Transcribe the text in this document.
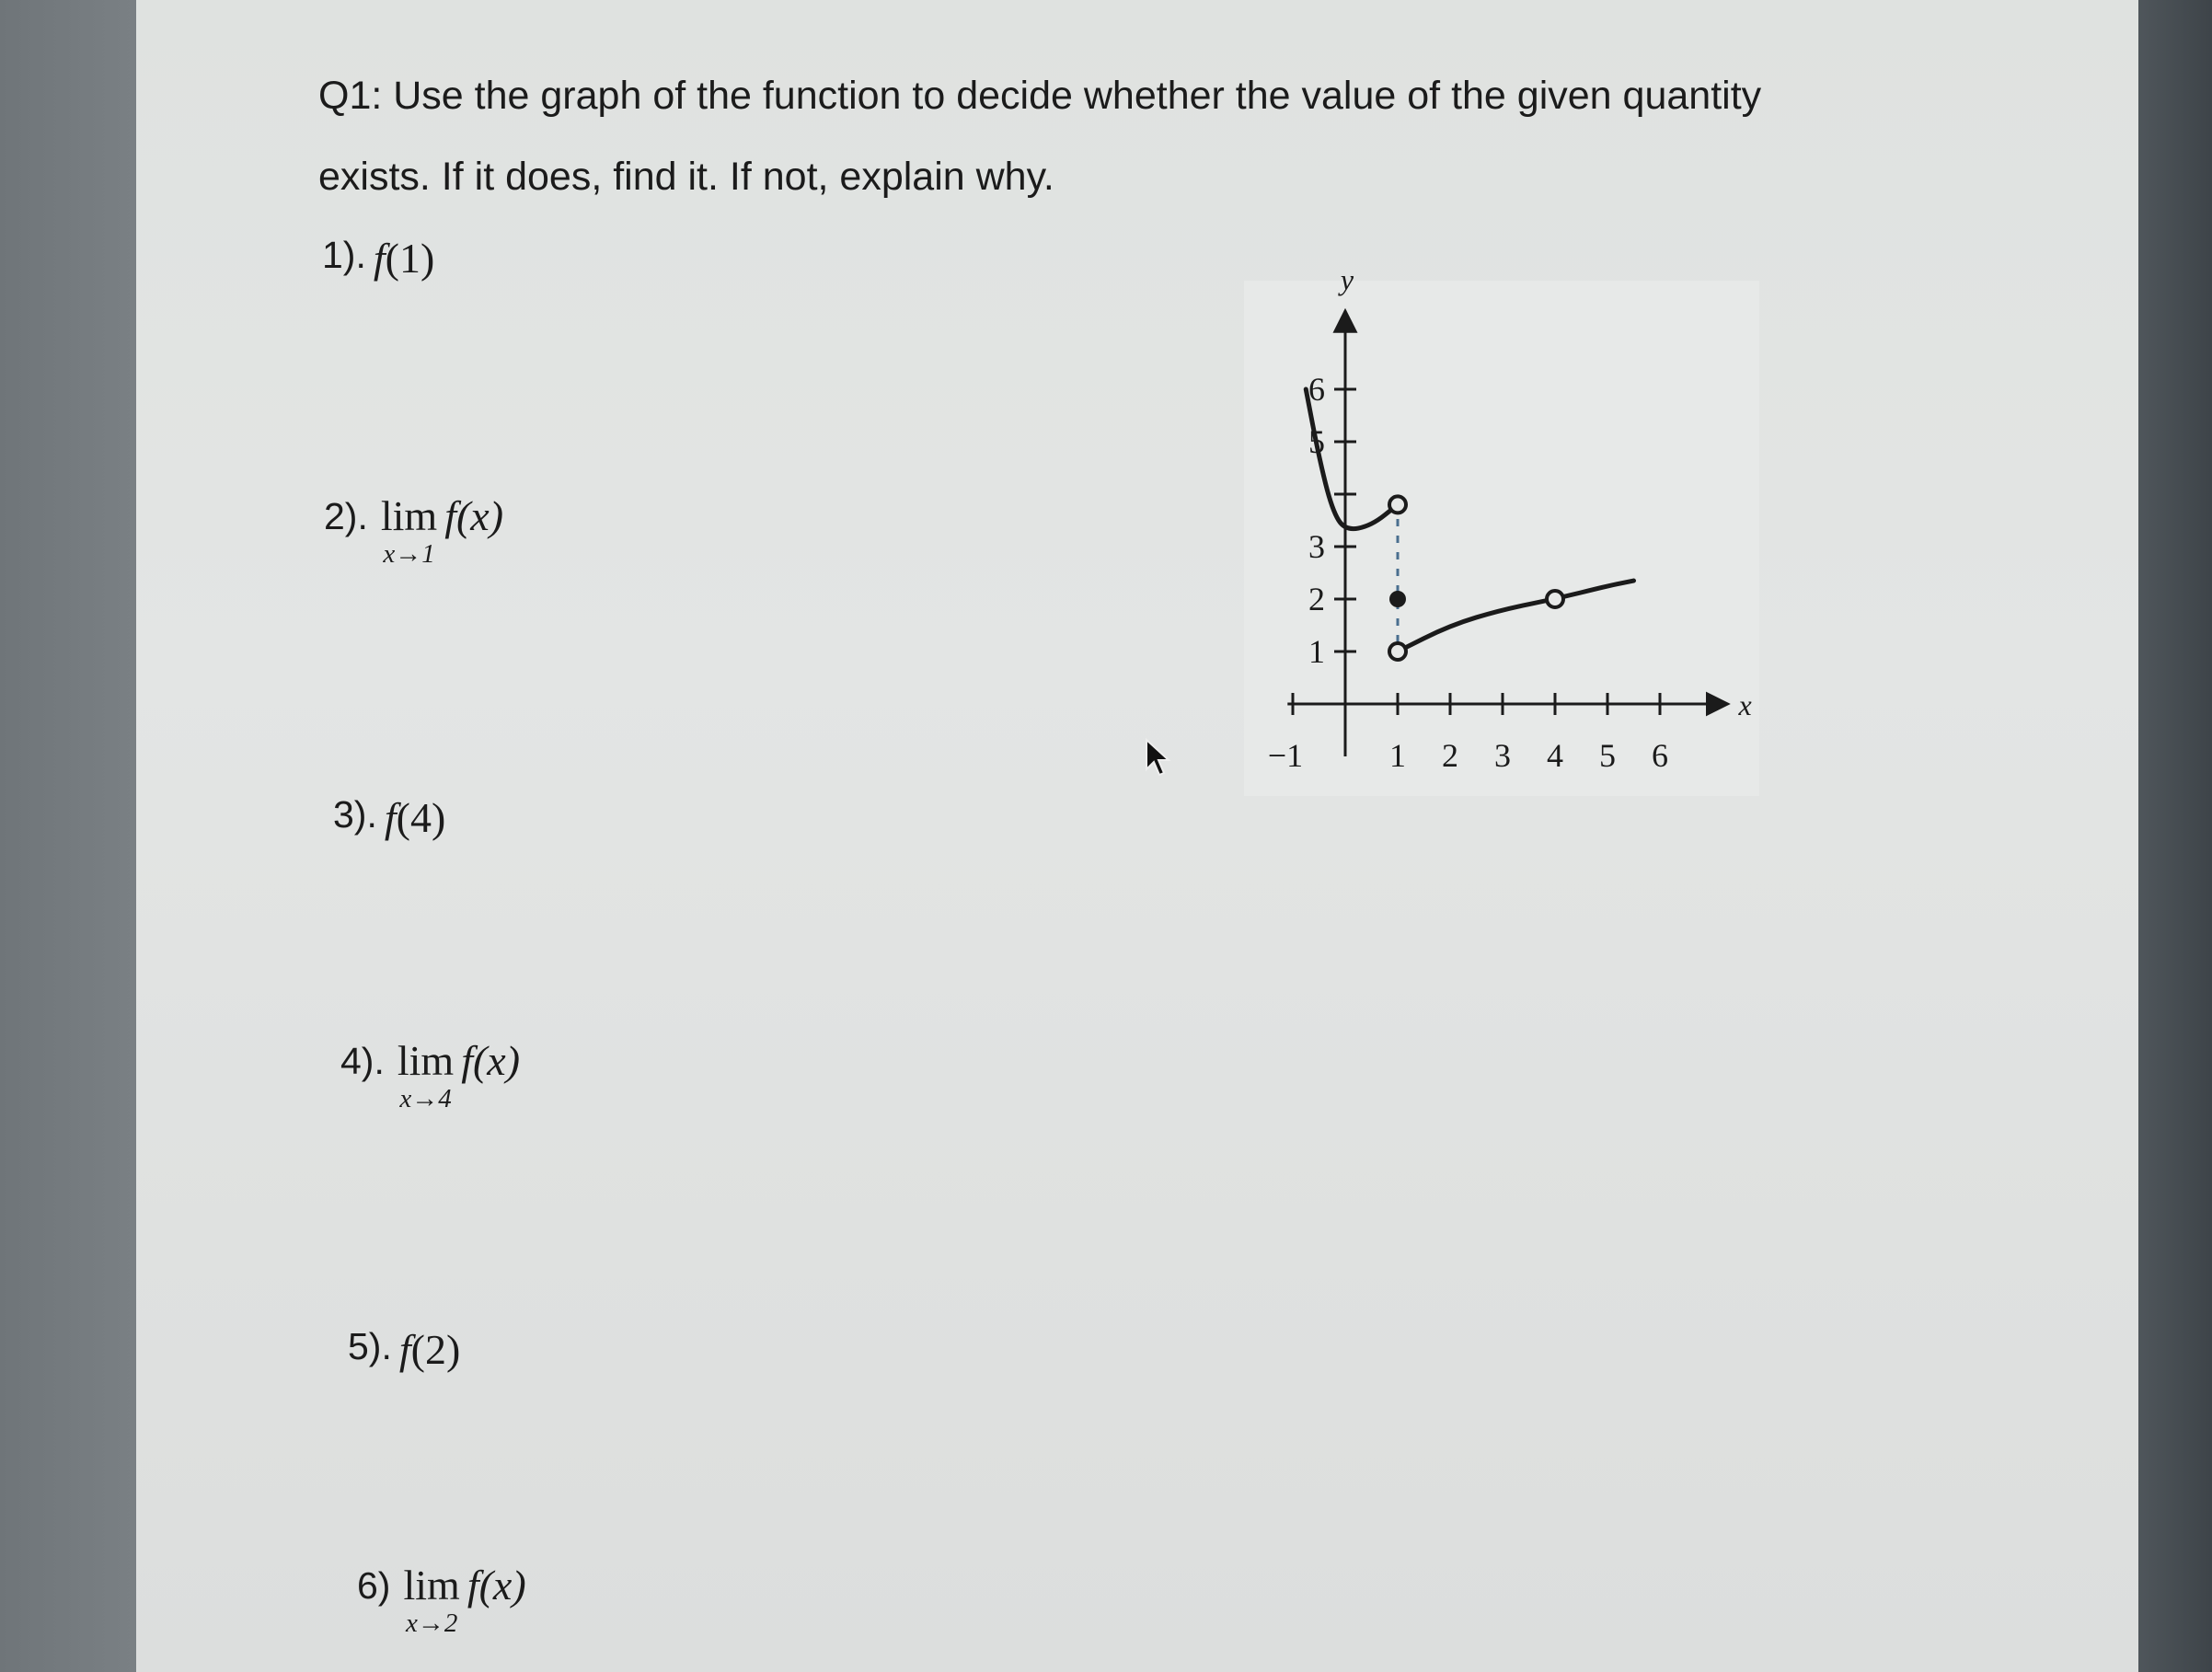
Q1: Use the graph of the function to decide whether the value of the given quantity
exists. If it does, find it. If not, explain why.
1). f(1)
2). lim
x→1
f(x)
3). f(4)
4). lim
x→4
f(x)
5). f(2)
6) lim
x→2
f(x)
−1	1 2 3 4 5 6
1
2
3
5
6
x
y
